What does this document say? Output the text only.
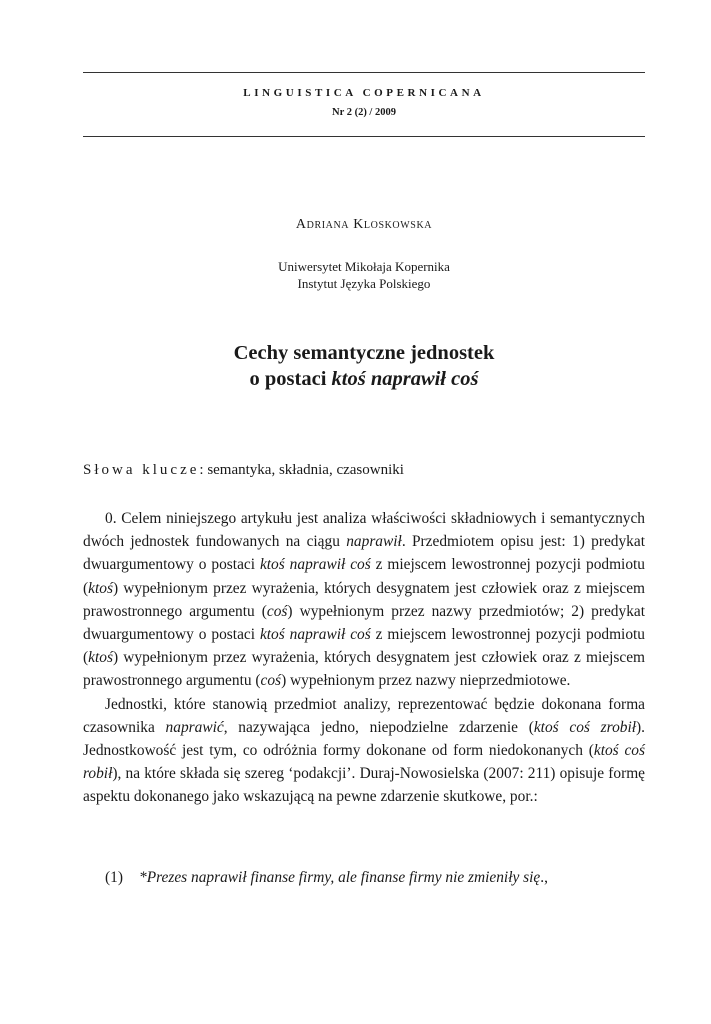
LINGUISTICA COPERNICANA
Nr 2 (2) / 2009
Adriana Kloskowska
Uniwersytet Mikołaja Kopernika
Instytut Języka Polskiego
Cechy semantyczne jednostek
o postaci ktoś naprawił coś
Słowa klucze: semantyka, składnia, czasowniki

0. Celem niniejszego artykułu jest analiza właściwości składniowych i semantycznych dwóch jednostek fundowanych na ciągu naprawił. Przedmiotem opisu jest: 1) predykat dwuargumentowy o postaci ktoś naprawił coś z miejscem lewostronnej pozycji podmiotu (ktoś) wypełnionym przez wyrażenia, których desygnatem jest człowiek oraz z miejscem prawostronnego argumentu (coś) wypełnionym przez nazwy przedmiotów; 2) predykat dwuargumentowy o postaci ktoś naprawił coś z miejscem lewostronnej pozycji podmiotu (ktoś) wypełnionym przez wyrażenia, których desygnatem jest człowiek oraz z miejscem prawostronnego argumentu (coś) wypełnionym przez nazwy nieprzedmiotowe.

Jednostki, które stanowią przedmiot analizy, reprezentować będzie dokonana forma czasownika naprawić, nazywająca jedno, niepodzielne zdarzenie (ktoś coś zrobił). Jednostkowość jest tym, co odróżnia formy dokonane od form niedokonanych (ktoś coś robił), na które składa się szereg ‘podakcji’. Duraj-Nowosielska (2007: 211) opisuje formę aspektu dokonanego jako wskazującą na pewne zdarzenie skutkowe, por.:

(1) *Prezes naprawił finanse firmy, ale finanse firmy nie zmieniły się.,
